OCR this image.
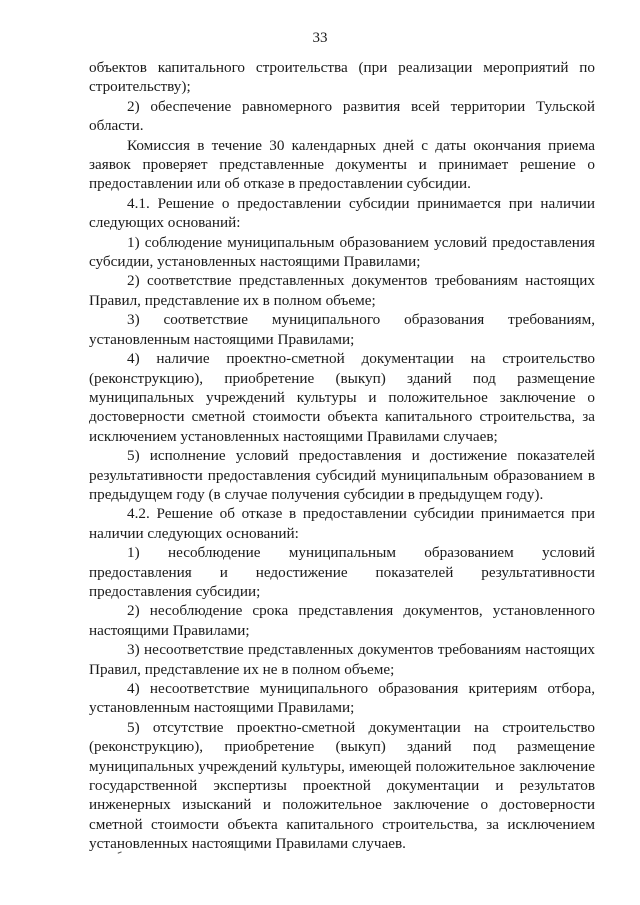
33

объектов капитального строительства (при реализации мероприятий по строительству);

2) обеспечение равномерного развития всей территории Тульской области.

Комиссия в течение 30 календарных дней с даты окончания приема заявок проверяет представленные документы и принимает решение о предоставлении или об отказе в предоставлении субсидии.

4.1. Решение о предоставлении субсидии принимается при наличии следующих оснований:

1) соблюдение муниципальным образованием условий предоставления субсидии, установленных настоящими Правилами;

2) соответствие представленных документов требованиям настоящих Правил, представление их в полном объеме;

3) соответствие муниципального образования требованиям, установленным настоящими Правилами;

4) наличие проектно-сметной документации на строительство (реконструкцию), приобретение (выкуп) зданий под размещение муниципальных учреждений культуры и положительное заключение о достоверности сметной стоимости объекта капитального строительства, за исключением установленных настоящими Правилами случаев;

5) исполнение условий предоставления и достижение показателей результативности предоставления субсидий муниципальным образованием в предыдущем году (в случае получения субсидии в предыдущем году).

4.2. Решение об отказе в предоставлении субсидии принимается при наличии следующих оснований:

1) несоблюдение муниципальным образованием условий предоставления и недостижение показателей результативности предоставления субсидии;

2) несоблюдение срока представления документов, установленного настоящими Правилами;

3) несоответствие представленных документов требованиям настоящих Правил, представление их не в полном объеме;

4) несоответствие муниципального образования критериям отбора, установленным настоящими Правилами;

5) отсутствие проектно-сметной документации на строительство (реконструкцию), приобретение (выкуп) зданий под размещение муниципальных учреждений культуры, имеющей положительное заключение государственной экспертизы проектной документации и результатов инженерных изысканий и положительное заключение о достоверности сметной стоимости объекта капитального строительства, за исключением установленных настоящими Правилами случаев.
